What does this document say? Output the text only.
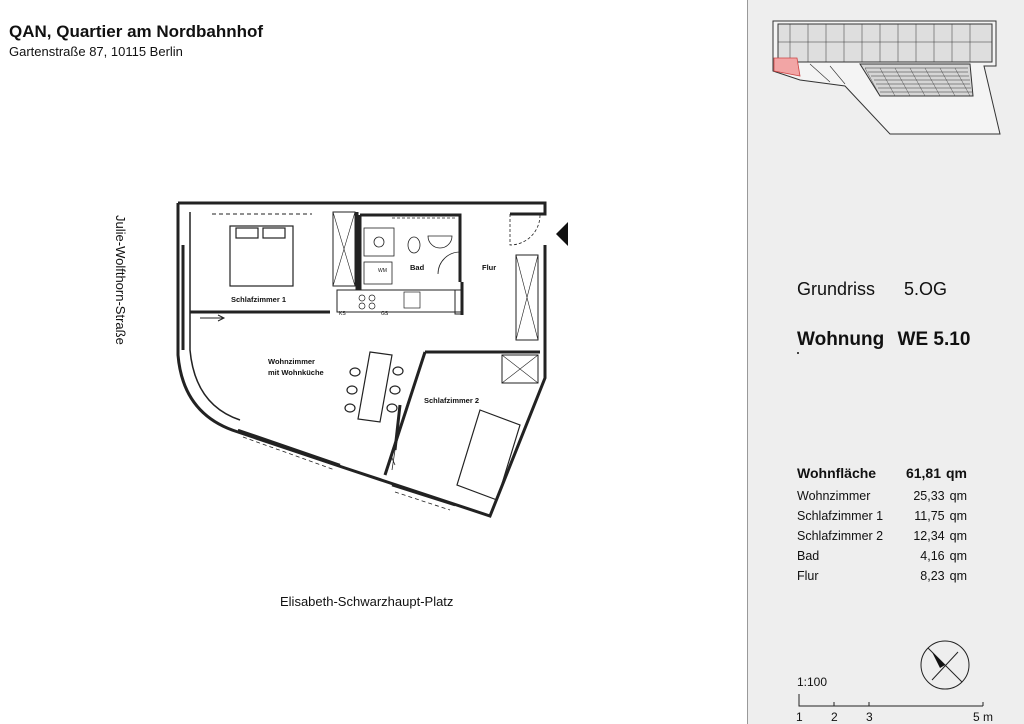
QAN, Quartier am Nordbahnhof
Gartenstraße 87, 10115 Berlin
Julie-Wolfthorn-Straße
Elisabeth-Schwarzhaupt-Platz
Schlafzimmer 1
Wohnzimmer
mit Wohnküche
Schlafzimmer 2
Bad	Flur
WM
KS	GS
Grundriss 5.OG
Wohnung WE 5.10
Wohnfläche	61,81 qm
Wohnzimmer	25,33 qm
Schlafzimmer 1	11,75 qm
Schlafzimmer 2	12,34 qm
Bad	4,16 qm
Flur	8,23 qm
1:100
1 2 3	5 m
